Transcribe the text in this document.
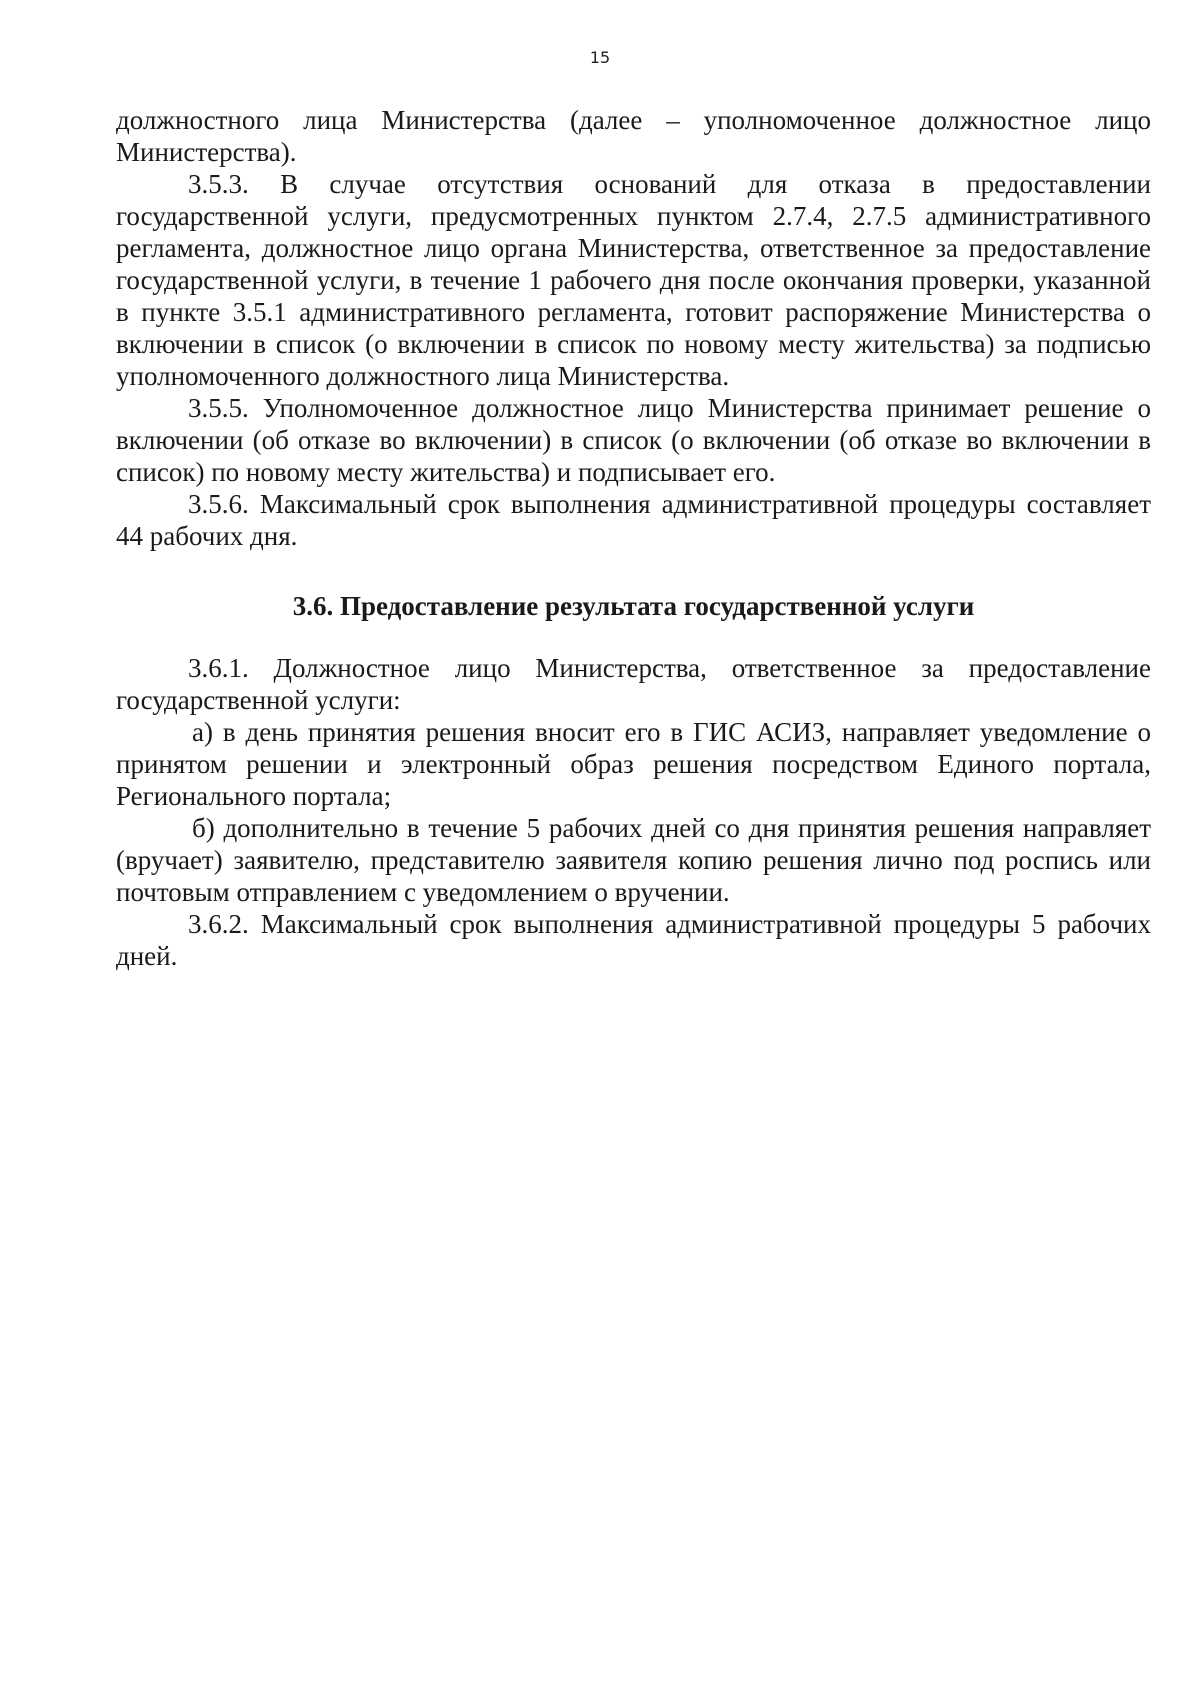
15

должностного лица Министерства (далее – уполномоченное должностное лицо Министерства).

3.5.3. В случае отсутствия оснований для отказа в предоставлении государственной услуги, предусмотренных пунктом 2.7.4, 2.7.5 административного регламента, должностное лицо органа Министерства, ответственное за предоставление государственной услуги, в течение 1 рабочего дня после окончания проверки, указанной в пункте 3.5.1 административного регламента, готовит распоряжение Министерства о включении в список (о включении в список по новому месту жительства) за подписью уполномоченного должностного лица Министерства.

3.5.5. Уполномоченное должностное лицо Министерства принимает решение о включении (об отказе во включении) в список (о включении (об отказе во включении в список) по новому месту жительства) и подписывает его.

3.5.6. Максимальный срок выполнения административной процедуры составляет 44 рабочих дня.

3.6. Предоставление результата государственной услуги

3.6.1. Должностное лицо Министерства, ответственное за предоставление государственной услуги:

а) в день принятия решения вносит его в ГИС АСИЗ, направляет уведомление о принятом решении и электронный образ решения посредством Единого портала, Регионального портала;

б) дополнительно в течение 5 рабочих дней со дня принятия решения направляет (вручает) заявителю, представителю заявителя копию решения лично под роспись или почтовым отправлением с уведомлением о вручении.

3.6.2. Максимальный срок выполнения административной процедуры 5 рабочих дней.
